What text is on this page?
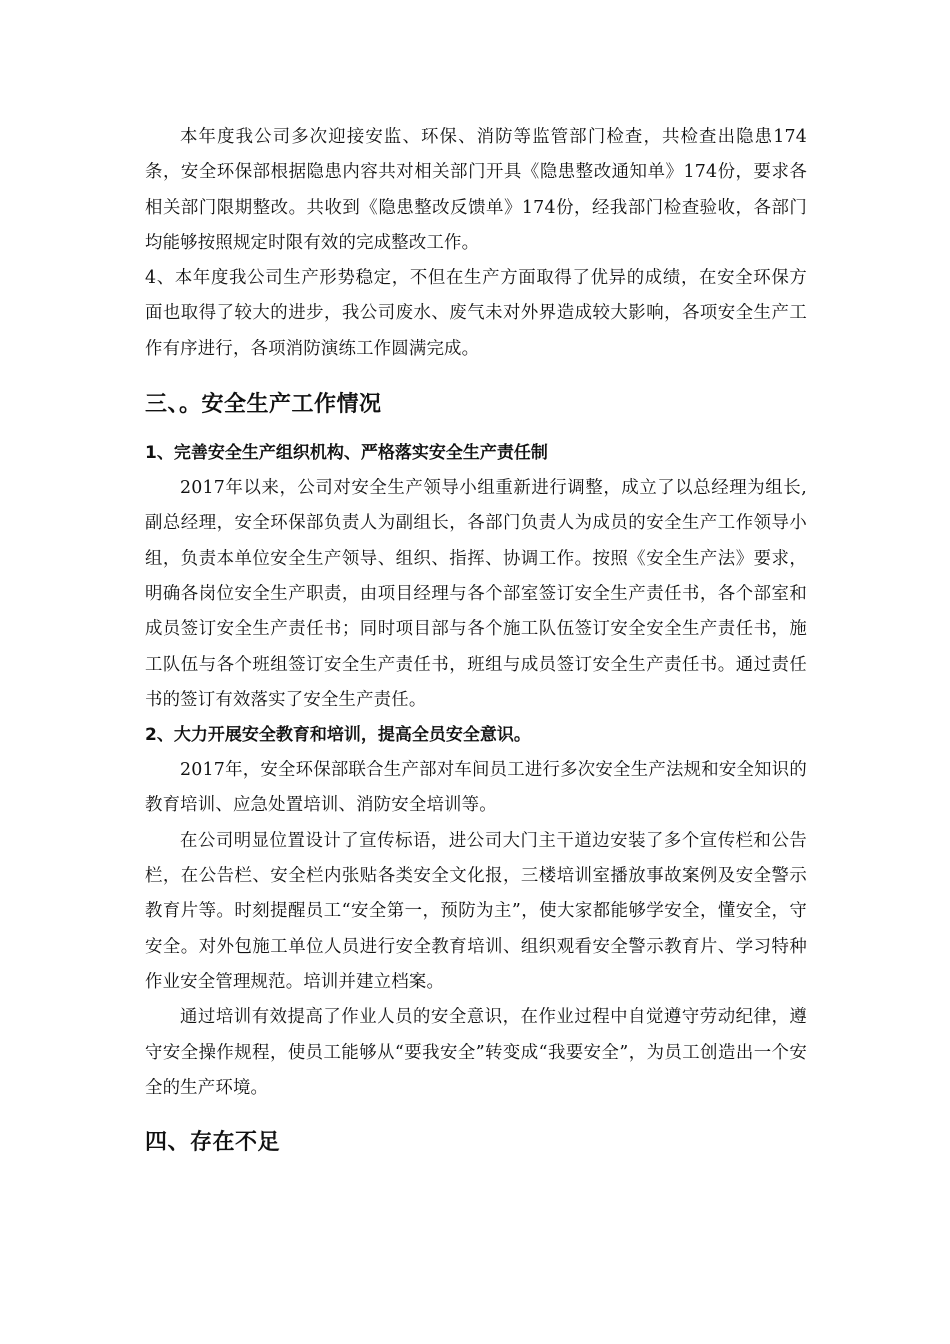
本年度我公司多次迎接安监、环保、消防等监管部门检查，共检查出隐患174条，安全环保部根据隐患内容共对相关部门开具《隐患整改通知单》174份，要求各相关部门限期整改。共收到《隐患整改反馈单》174份，经我部门检查验收，各部门均能够按照规定时限有效的完成整改工作。

4、本年度我公司生产形势稳定，不但在生产方面取得了优异的成绩，在安全环保方面也取得了较大的进步，我公司废水、废气未对外界造成较大影响，各项安全生产工作有序进行，各项消防演练工作圆满完成。

三、。安全生产工作情况
1、完善安全生产组织机构、严格落实安全生产责任制

2017年以来，公司对安全生产领导小组重新进行调整，成立了以总经理为组长,副总经理，安全环保部负责人为副组长，各部门负责人为成员的安全生产工作领导小组，负责本单位安全生产领导、组织、指挥、协调工作。按照《安全生产法》要求，明确各岗位安全生产职责，由项目经理与各个部室签订安全生产责任书，各个部室和成员签订安全生产责任书；同时项目部与各个施工队伍签订安全安全生产责任书，施工队伍与各个班组签订安全生产责任书，班组与成员签订安全生产责任书。通过责任书的签订有效落实了安全生产责任。

2、大力开展安全教育和培训，提高全员安全意识。

2017年，安全环保部联合生产部对车间员工进行多次安全生产法规和安全知识的教育培训、应急处置培训、消防安全培训等。

在公司明显位置设计了宣传标语，进公司大门主干道边安装了多个宣传栏和公告栏，在公告栏、安全栏内张贴各类安全文化报，三楼培训室播放事故案例及安全警示教育片等。时刻提醒员工“安全第一，预防为主”，使大家都能够学安全，懂安全，守安全。对外包施工单位人员进行安全教育培训、组织观看安全警示教育片、学习特种作业安全管理规范。培训并建立档案。

通过培训有效提高了作业人员的安全意识，在作业过程中自觉遵守劳动纪律，遵守安全操作规程，使员工能够从“要我安全”转变成“我要安全”，为员工创造出一个安全的生产环境。

四、存在不足
